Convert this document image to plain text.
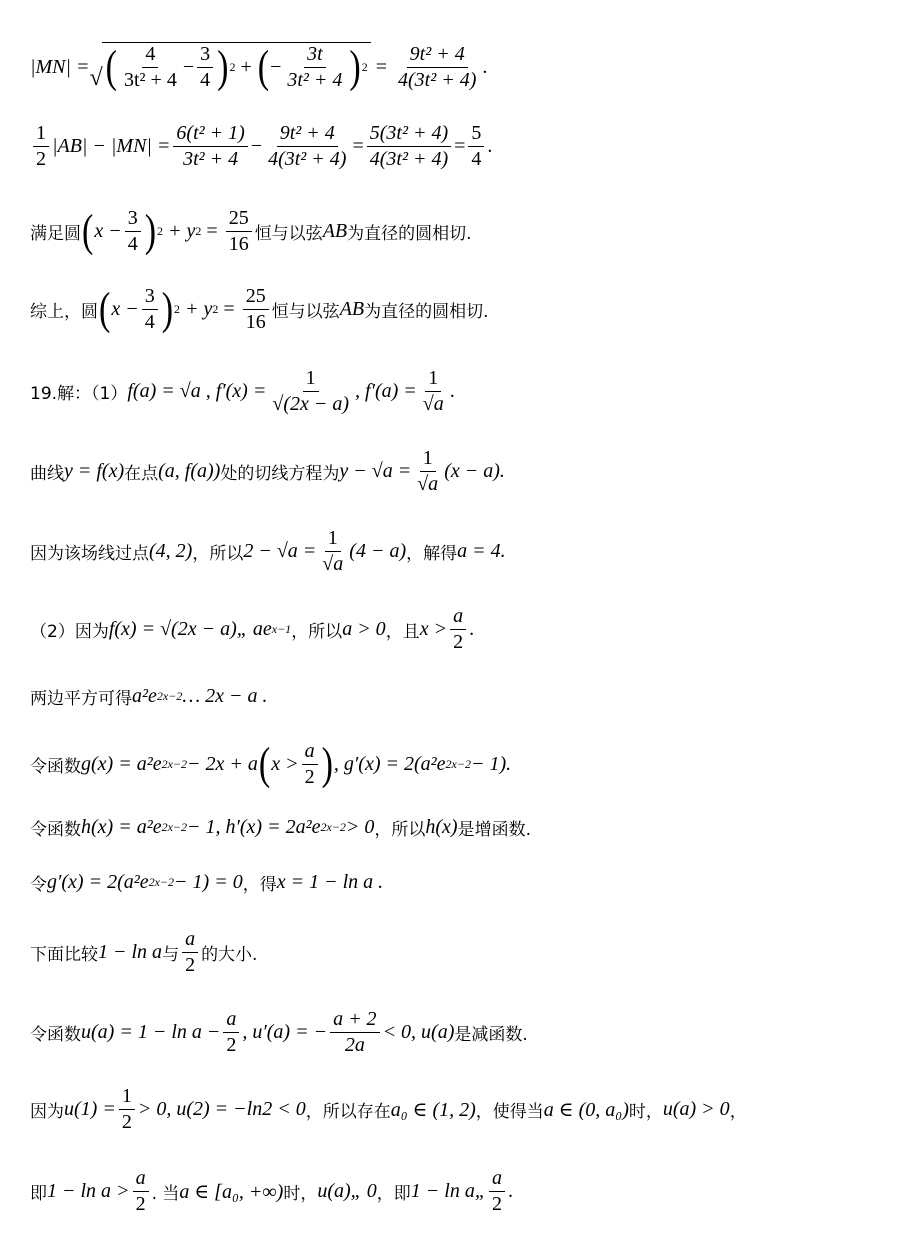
|MN| = √ ( $\frac{4}{\text{3t² + 4}} - \frac{3}{4}$ ) 2 + ( − $\frac{3t}{\text{3t² + 4}}$ ) $2 = \frac{\text{9t² + 4}}{\text{4(3t² + 4)}}$ .
$\frac{1}{2} |AB| - |MN| = \frac{\text{6(t² + 1)}}{\text{3t² + 4}} - \frac{\text{9t² + 4}}{\text{4(3t² + 4)}} = \frac{\text{5(3t² + 4)}}{\text{4(3t² + 4)}} = \frac{5}{4}$ .
满足圆 ( $x - \frac{3}{4}$ ) 2 + y $2 = \frac{25}{16}$ 恒与以弦 AB 为直径的圆相切.
综上，圆 ( $x - \frac{3}{4}$ ) 2 + y $2 = \frac{25}{16}$ 恒与以弦 AB 为直径的圆相切.
19.解：（1） f(a) = √a , $f'(x) = \frac{1}{√(2x - a)}$ , $f'(a) = \frac{1}{√a}$ .
曲线 y = f(x) 在点 (a, f(a)) 处的切线方程为 $y - √a = \frac{1}{√a} (x - a)$.
因为该场线过点 (4, 2) ，所以 $2 - √a = \frac{1}{√a} (4 - a)$ ，解得 a = 4.
（2）因为 f(x) = √(2x − a)„ ae x−1 ，所以 a > 0 ，且 $x > \frac{a}{2}$ .
两边平方可得 a²e 2x−2 … 2x − a .
令函数 g(x) = a²e 2x−2 − 2x + a ( $x > \frac{a}{2}$ ) , g′(x) = 2(a²e 2x−2 − 1).
令函数 h(x) = a²e 2x−2 − 1, h′(x) = 2a²e 2x−2 > 0 ，所以 h(x) 是增函数.
令 g′(x) = 2(a²e 2x−2 − 1) = 0 ，得 x = 1 − ln a .
下面比较 1 − ln a 与 $\frac{a}{2}$ 的大小.
令函数 $u(a) = 1 - \ln a - \frac{a}{2}$ , u′(a) = − $\frac{a + 2}{2a} < 0$, u(a) 是减函数.
因为 $u(1) = \frac{1}{2} > 0$, u(2) = −ln2 < 0 ，所以存在 a₀ ∈ (1, 2) ，使得当 a ∈ (0, a₀) 时， u(a) > 0 ，
即 $1 - \ln a > \frac{a}{2}$ . 当 a ∈ [a₀, +∞) 时， u(a)„ 0 ，即 1 − ln a„ $\frac{a}{2}$ .
